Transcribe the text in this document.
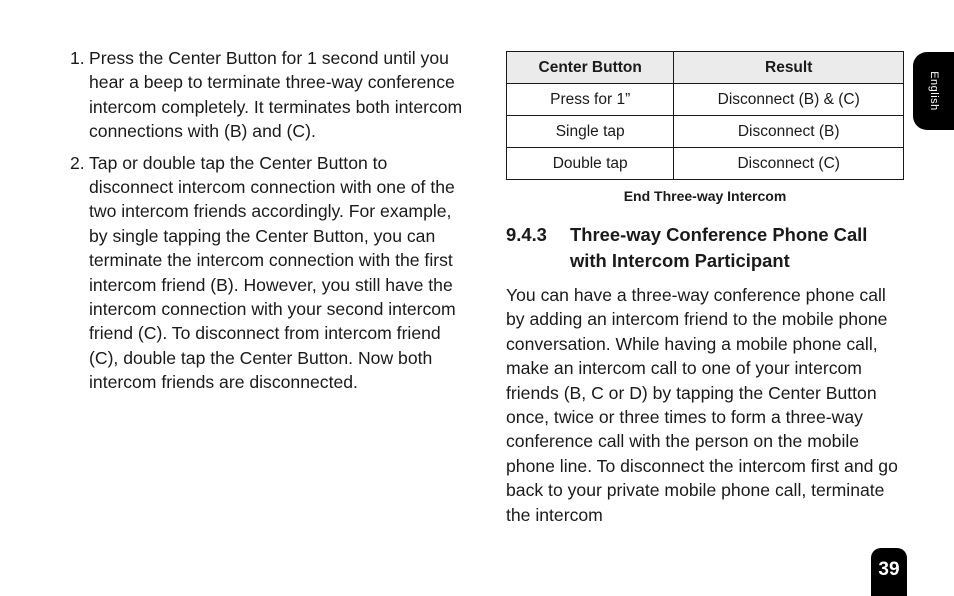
1. Press the Center Button for 1 second until you hear a beep to terminate three-way conference intercom completely. It terminates both intercom connections with (B) and (C).
2. Tap or double tap the Center Button to disconnect intercom connection with one of the two intercom friends accordingly. For example, by single tapping the Center Button, you can terminate the intercom connection with the first intercom friend (B). However, you still have the intercom connection with your second intercom friend (C). To disconnect from intercom friend (C), double tap the Center Button. Now both intercom friends are disconnected.
Center Button	Result
Press for 1”	Disconnect (B) & (C)
Single tap	Disconnect (B)
Double tap	Disconnect (C)
End Three-way Intercom
9.4.3	Three-way Conference Phone Call with Intercom Participant
You can have a three-way conference phone call by adding an intercom friend to the mobile phone conversation. While having a mobile phone call, make an intercom call to one of your intercom friends (B, C or D) by tapping the Center Button once, twice or three times to form a three-way conference call with the person on the mobile phone line. To disconnect the intercom first and go back to your private mobile phone call, terminate the intercom
English
39
